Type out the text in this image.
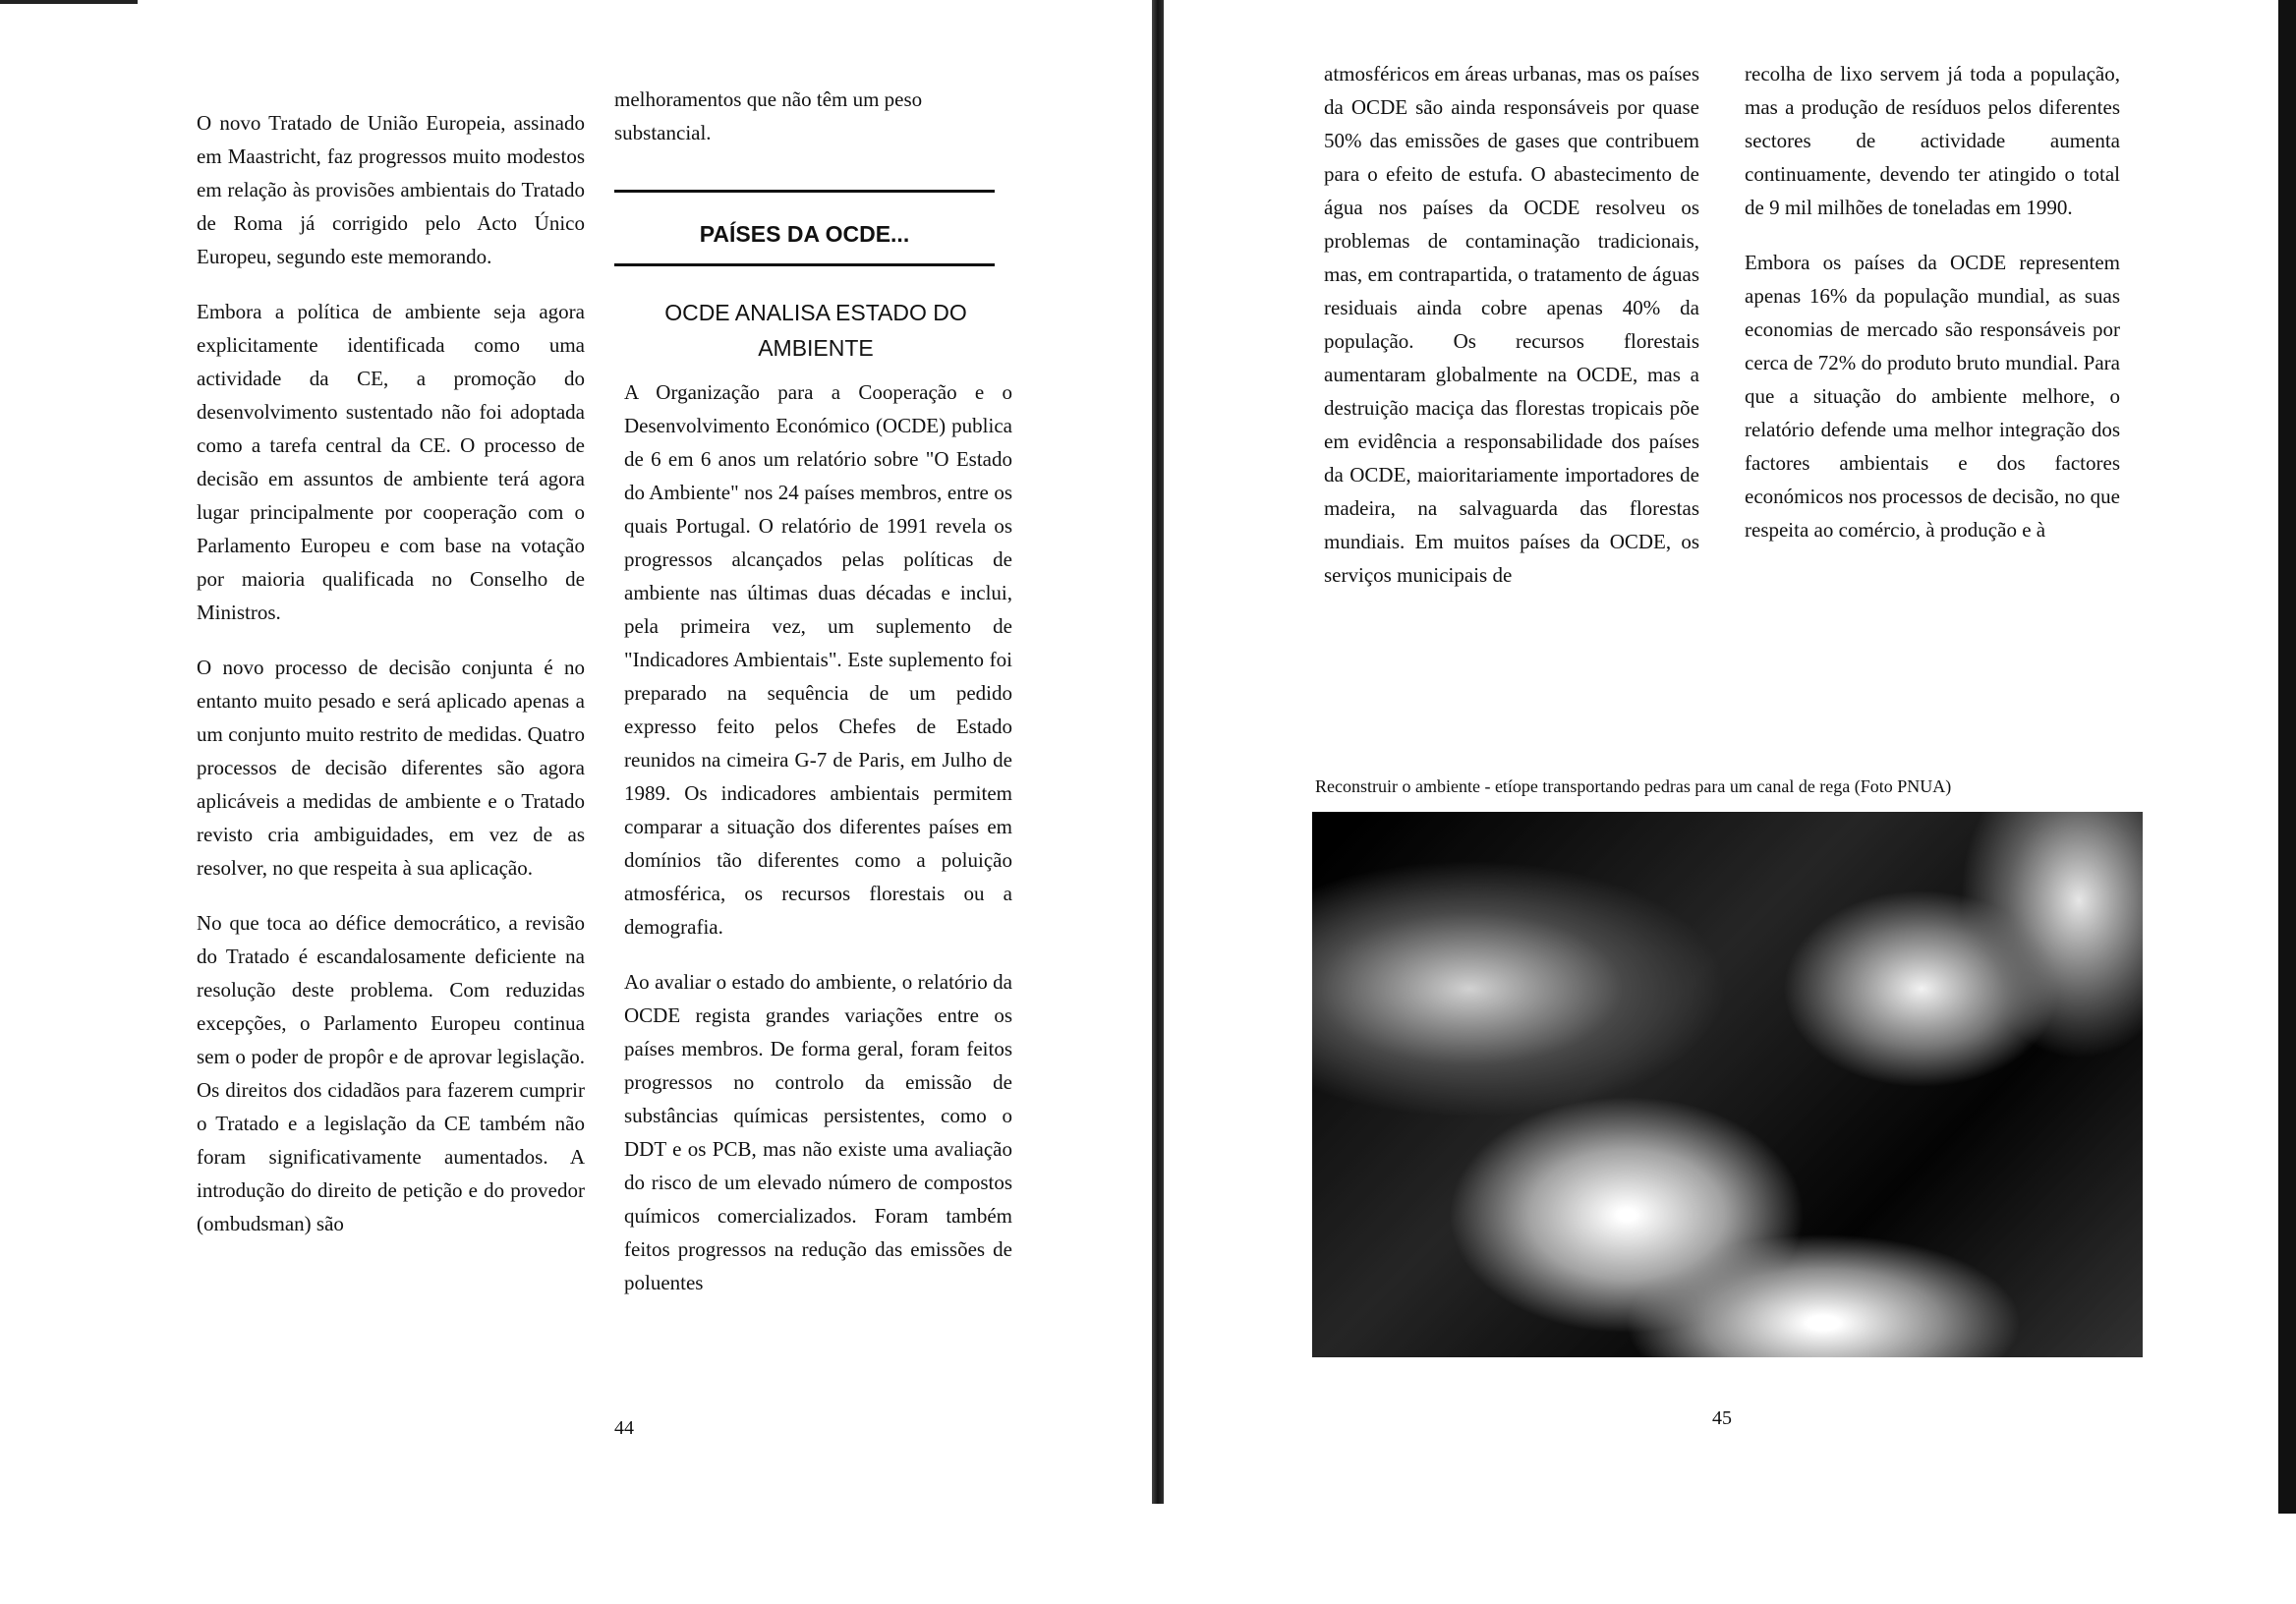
O novo Tratado de União Europeia, assinado em Maastricht, faz progressos muito modestos em relação às provisões ambientais do Tratado de Roma já corrigido pelo Acto Único Europeu, segundo este memorando.

Embora a política de ambiente seja agora explicitamente identificada como uma actividade da CE, a promoção do desenvolvimento sustentado não foi adoptada como a tarefa central da CE. O processo de decisão em assuntos de ambiente terá agora lugar principalmente por cooperação com o Parlamento Europeu e com base na votação por maioria qualificada no Conselho de Ministros.

O novo processo de decisão conjunta é no entanto muito pesado e será aplicado apenas a um conjunto muito restrito de medidas. Quatro processos de decisão diferentes são agora aplicáveis a medidas de ambiente e o Tratado revisto cria ambiguidades, em vez de as resolver, no que respeita à sua aplicação.

No que toca ao défice democrático, a revisão do Tratado é escandalosamente deficiente na resolução deste problema. Com reduzidas excepções, o Parlamento Europeu continua sem o poder de propôr e de aprovar legislação. Os direitos dos cidadãos para fazerem cumprir o Tratado e a legislação da CE também não foram significativamente aumentados. A introdução do direito de petição e do provedor (ombudsman) são

melhoramentos que não têm um peso substancial.
PAÍSES DA OCDE...
OCDE ANALISA ESTADO DO AMBIENTE

A Organização para a Cooperação e o Desenvolvimento Económico (OCDE) publica de 6 em 6 anos um relatório sobre "O Estado do Ambiente" nos 24 países membros, entre os quais Portugal. O relatório de 1991 revela os progressos alcançados pelas políticas de ambiente nas últimas duas décadas e inclui, pela primeira vez, um suplemento de "Indicadores Ambientais". Este suplemento foi preparado na sequência de um pedido expresso feito pelos Chefes de Estado reunidos na cimeira G-7 de Paris, em Julho de 1989. Os indicadores ambientais permitem comparar a situação dos diferentes países em domínios tão diferentes como a poluição atmosférica, os recursos florestais ou a demografia.

Ao avaliar o estado do ambiente, o relatório da OCDE regista grandes variações entre os países membros. De forma geral, foram feitos progressos no controlo da emissão de substâncias químicas persistentes, como o DDT e os PCB, mas não existe uma avaliação do risco de um elevado número de compostos químicos comercializados. Foram também feitos progressos na redução das emissões de poluentes

44

atmosféricos em áreas urbanas, mas os países da OCDE são ainda responsáveis por quase 50% das emissões de gases que contribuem para o efeito de estufa. O abastecimento de água nos países da OCDE resolveu os problemas de contaminação tradicionais, mas, em contrapartida, o tratamento de águas residuais ainda cobre apenas 40% da população. Os recursos florestais aumentaram globalmente na OCDE, mas a destruição maciça das florestas tropicais põe em evidência a responsabilidade dos países da OCDE, maioritariamente importadores de madeira, na salvaguarda das florestas mundiais. Em muitos países da OCDE, os serviços municipais de

recolha de lixo servem já toda a população, mas a produção de resíduos pelos diferentes sectores de actividade aumenta continuamente, devendo ter atingido o total de 9 mil milhões de toneladas em 1990.

Embora os países da OCDE representem apenas 16% da população mundial, as suas economias de mercado são responsáveis por cerca de 72% do produto bruto mundial. Para que a situação do ambiente melhore, o relatório defende uma melhor integração dos factores ambientais e dos factores económicos nos processos de decisão, no que respeita ao comércio, à produção e à

Reconstruir o ambiente - etíope transportando pedras para um canal de rega (Foto PNUA)
45
